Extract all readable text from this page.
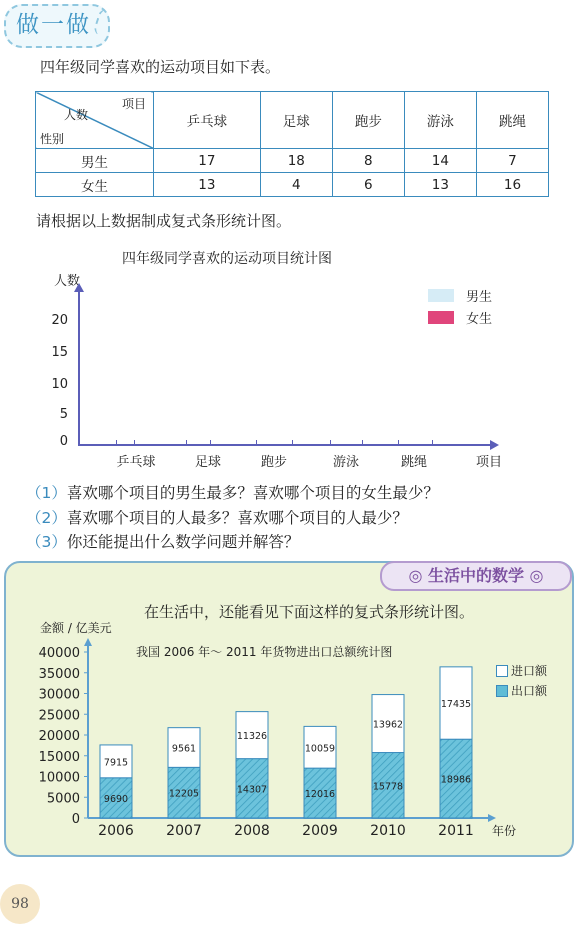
做一做
四年级同学喜欢的运动项目如下表。
项目
人数
性别	乒乓球	足球	跑步	游泳	跳绳
男生	17	18	8	14	7
女生	13	4	6	13	16
请根据以上数据制成复式条形统计图。
四年级同学喜欢的运动项目统计图
人数
20
15
10
5
0
乒乓球	足球	跑步	游泳	跳绳	项目
男生
女生
（1）喜欢哪个项目的男生最多？喜欢哪个项目的女生最少？
（2）喜欢哪个项目的人最多？喜欢哪个项目的人最少？
（3）你还能提出什么数学问题并解答？
◎ 生活中的数学 ◎
在生活中，还能看见下面这样的复式条形统计图。
金额 / 亿美元
我国 2006 年～ 2011 年货物进出口总额统计图
40000
35000
30000
25000
20000
15000
10000
5000
0
9690
7915
2006
12205
9561
2007
14307
11326
2008
12016
10059
2009
15778
13962
2010
18986
17435
2011
进口额
出口额
年份
98
